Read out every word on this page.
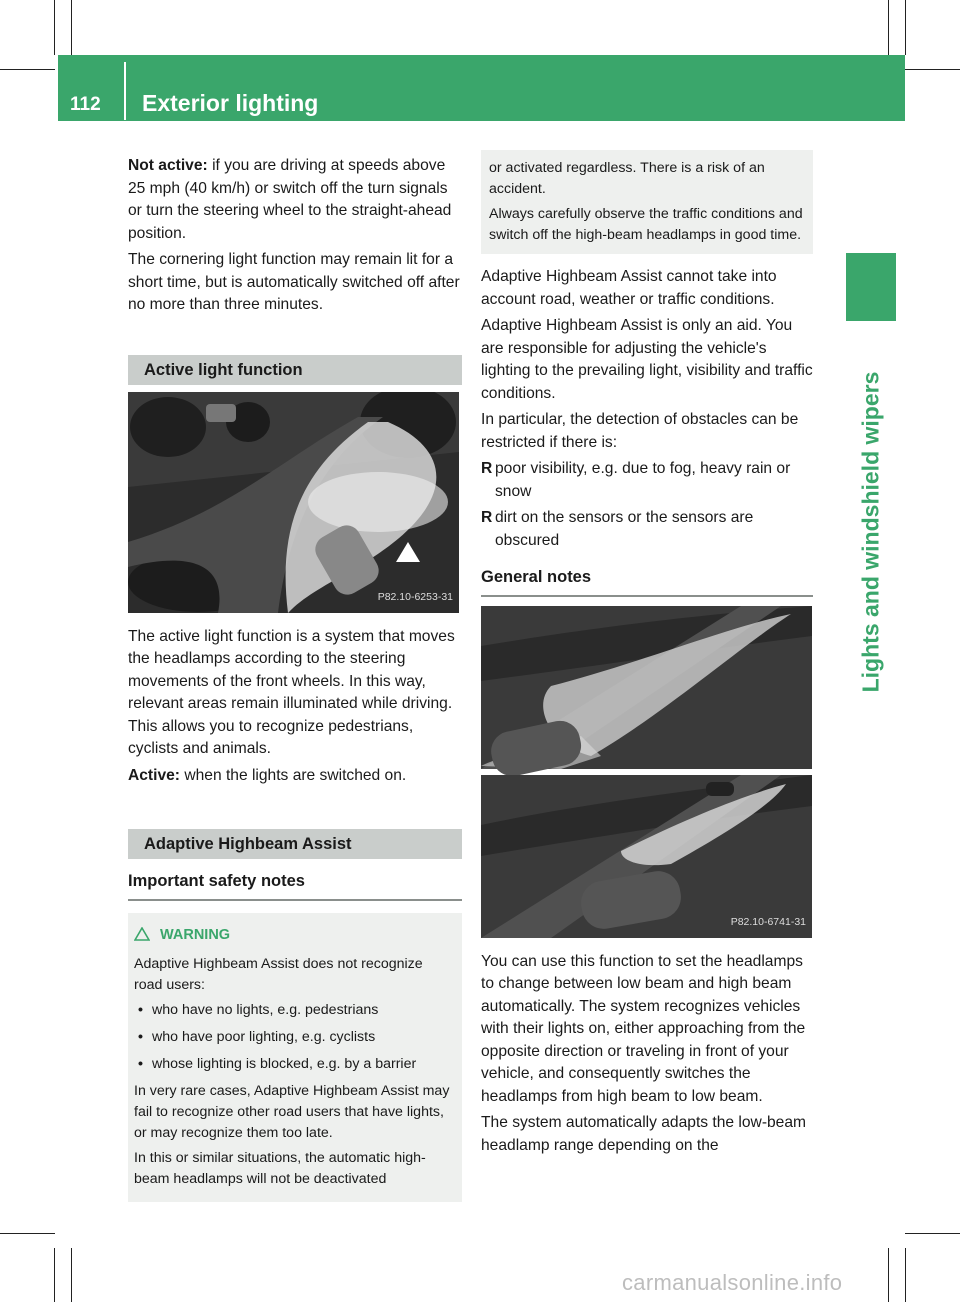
112 Exterior lighting
Lights and windshield wipers

Not active: if you are driving at speeds above 25 mph (40 km/h) or switch off the turn signals or turn the steering wheel to the straight-ahead position.

The cornering light function may remain lit for a short time, but is automatically switched off after no more than three minutes.

Active light function
P82.10-6253-31

The active light function is a system that moves the headlamps according to the steering movements of the front wheels. In this way, relevant areas remain illuminated while driving. This allows you to recognize pedestrians, cyclists and animals.

Active: when the lights are switched on.

Adaptive Highbeam Assist
Important safety notes
WARNING

Adaptive Highbeam Assist does not recognize road users:

• who have no lights, e.g. pedestrians
• who have poor lighting, e.g. cyclists
• whose lighting is blocked, e.g. by a barrier

In very rare cases, Adaptive Highbeam Assist may fail to recognize other road users that have lights, or may recognize them too late.

In this or similar situations, the automatic high-beam headlamps will not be deactivated

or activated regardless. There is a risk of an accident.

Always carefully observe the traffic conditions and switch off the high-beam headlamps in good time.

Adaptive Highbeam Assist cannot take into account road, weather or traffic conditions.

Adaptive Highbeam Assist is only an aid. You are responsible for adjusting the vehicle's lighting to the prevailing light, visibility and traffic conditions.

In particular, the detection of obstacles can be restricted if there is:

R poor visibility, e.g. due to fog, heavy rain or snow
R dirt on the sensors or the sensors are obscured
General notes
P82.10-6741-31

You can use this function to set the headlamps to change between low beam and high beam automatically. The system recognizes vehicles with their lights on, either approaching from the opposite direction or traveling in front of your vehicle, and consequently switches the headlamps from high beam to low beam.

The system automatically adapts the low-beam headlamp range depending on the

carmanualsonline.info
